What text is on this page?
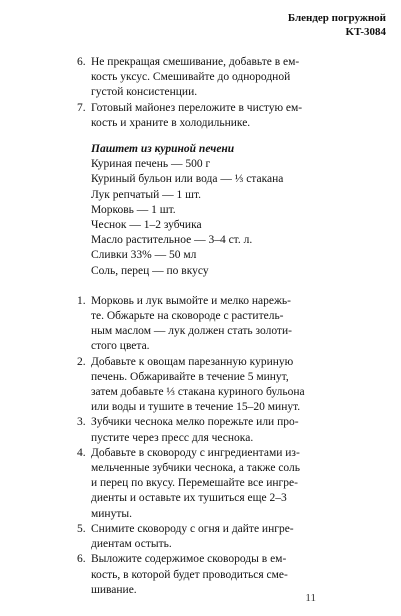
Блендер погружной
KT-3084
6. Не прекращая смешивание, добавьте в ем-
кость уксус. Смешивайте до однородной
густой консистенции.
7. Готовый майонез переложите в чистую ем-
кость и храните в холодильнике.
Паштет из куриной печени
Куриная печень — 500 г
Куриный бульон или вода — ⅓ стакана
Лук репчатый — 1 шт.
Морковь — 1 шт.
Чеснок — 1–2 зубчика
Масло растительное — 3–4 ст. л.
Сливки 33% — 50 мл
Соль, перец — по вкусу
1. Морковь и лук вымойте и мелко нарежь-
те. Обжарьте на сковороде с раститель-
ным маслом — лук должен стать золоти-
стого цвета.
2. Добавьте к овощам парезанную куриную
печень. Обжаривайте в течение 5 минут,
затем добавьте ⅓ стакана куриного бульона
или воды и тушите в течение 15–20 минут.
3. Зубчики чеснока мелко порежьте или про-
пустите через пресс для чеснока.
4. Добавьте в сковороду с ингредиентами из-
мельченные зубчики чеснока, а также соль
и перец по вкусу. Перемешайте все ингре-
диенты и оставьте их тушиться еще 2–3
минуты.
5. Снимите сковороду с огня и дайте ингре-
диентам остыть.
6. Выложите содержимое сковороды в ем-
кость, в которой будет проводиться сме-
шивание.
11
